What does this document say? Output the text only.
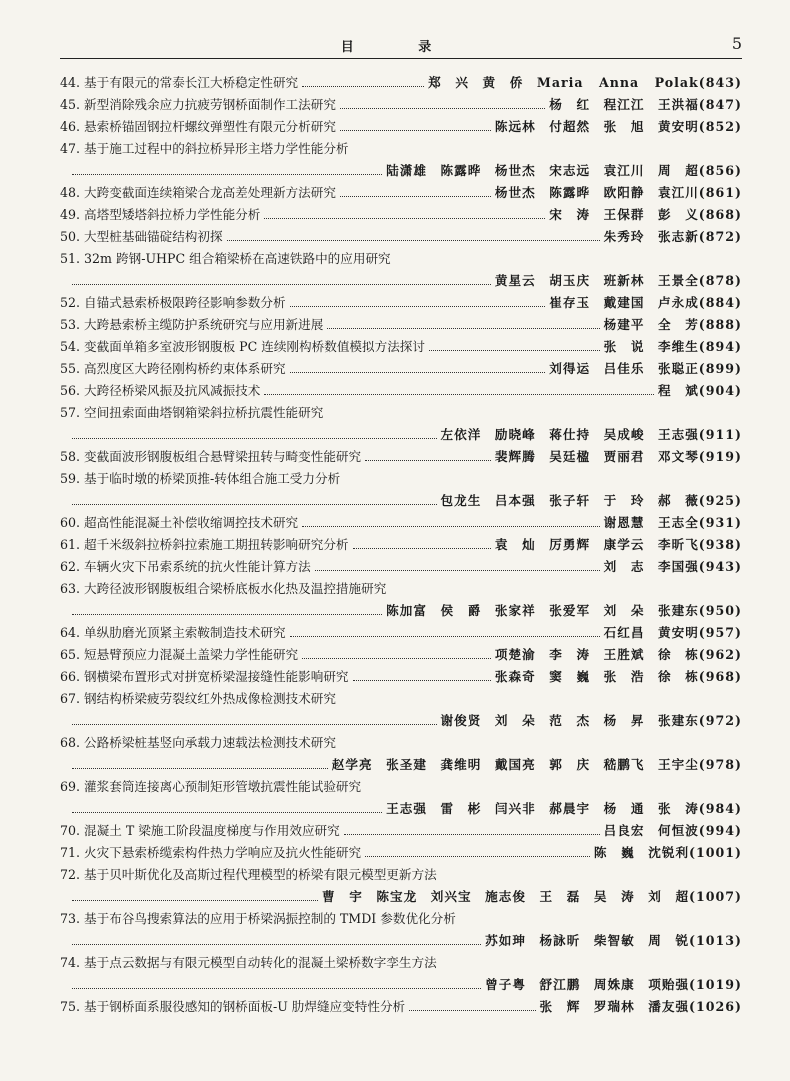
目 录	5
44. 基于有限元的常泰长江大桥稳定性研究	郑　兴　黄　侨　Maria Anna Polak(843)
45. 新型消除残余应力抗疲劳钢桥面制作工法研究	杨　红　程江江　王洪福(847)
46. 悬索桥锚固钢拉杆螺纹弹塑性有限元分析研究	陈远林　付超然　张　旭　黄安明(852)
47. 基于施工过程中的斜拉桥异形主塔力学性能分析
陆潇雄　陈露晔　杨世杰　宋志远　袁江川　周　超(856)
48. 大跨变截面连续箱梁合龙高差处理新方法研究	杨世杰　陈露晔　欧阳静　袁江川(861)
49. 高塔型矮塔斜拉桥力学性能分析	宋　涛　王保群　彭　义(868)
50. 大型桩基础锚碇结构初探	朱秀玲　张志新(872)
51. 32m 跨钢-UHPC 组合箱梁桥在高速铁路中的应用研究
黄星云　胡玉庆　班新林　王景全(878)
52. 自锚式悬索桥极限跨径影响参数分析	崔存玉　戴建国　卢永成(884)
53. 大跨悬索桥主缆防护系统研究与应用新进展	杨建平　全　芳(888)
54. 变截面单箱多室波形钢腹板 PC 连续刚构桥数值模拟方法探讨	张　说　李维生(894)
55. 高烈度区大跨径刚构桥约束体系研究	刘得运　吕佳乐　张聪正(899)
56. 大跨径桥梁风振及抗风减振技术	程　斌(904)
57. 空间扭索面曲塔钢箱梁斜拉桥抗震性能研究
左依洋　励晓峰　蒋仕持　吴成峻　王志强(911)
58. 变截面波形钢腹板组合悬臂梁扭转与畸变性能研究	裴辉腾　吴廷楹　贾丽君　邓文琴(919)
59. 基于临时墩的桥梁顶推-转体组合施工受力分析
包龙生　吕本强　张子轩　于　玲　郝　薇(925)
60. 超高性能混凝土补偿收缩调控技术研究	谢恩慧　王志全(931)
61. 超千米级斜拉桥斜拉索施工期扭转影响研究分析	袁　灿　厉勇辉　康学云　李昕飞(938)
62. 车辆火灾下吊索系统的抗火性能计算方法	刘　志　李国强(943)
63. 大跨径波形钢腹板组合梁桥底板水化热及温控措施研究
陈加富　侯　爵　张家祥　张爱军　刘　朵　张建东(950)
64. 单纵肋磨光顶紧主索鞍制造技术研究	石红昌　黄安明(957)
65. 短悬臂预应力混凝土盖梁力学性能研究	项楚渝　李　涛　王胜斌　徐　栋(962)
66. 钢横梁布置形式对拼宽桥梁湿接缝性能影响研究	张森奇　窦　巍　张　浩　徐　栋(968)
67. 钢结构桥梁疲劳裂纹红外热成像检测技术研究
谢俊贤　刘　朵　范　杰　杨　昇　张建东(972)
68. 公路桥梁桩基竖向承载力速载法检测技术研究
赵学亮　张圣建　龚维明　戴国亮　郭　庆　嵇鹏飞　王宇尘(978)
69. 灌浆套筒连接离心预制矩形管墩抗震性能试验研究
王志强　雷　彬　闫兴非　郝晨宇　杨　通　张　涛(984)
70. 混凝土 T 梁施工阶段温度梯度与作用效应研究	吕良宏　何恒波(994)
71. 火灾下悬索桥缆索构件热力学响应及抗火性能研究	陈　巍　沈锐利(1001)
72. 基于贝叶斯优化及高斯过程代理模型的桥梁有限元模型更新方法
曹　宇　陈宝龙　刘兴宝　施志俊　王　磊　吴　涛　刘　超(1007)
73. 基于布谷鸟搜索算法的应用于桥梁涡振控制的 TMDI 参数优化分析
苏如珅　杨詠昕　柴智敏　周　锐(1013)
74. 基于点云数据与有限元模型自动转化的混凝土梁桥数字孪生方法
曾子粤　舒江鹏　周姝康　项贻强(1019)
75. 基于钢桥面系服役感知的钢桥面板-U 肋焊缝应变特性分析	张　辉　罗瑞林　潘友强(1026)
